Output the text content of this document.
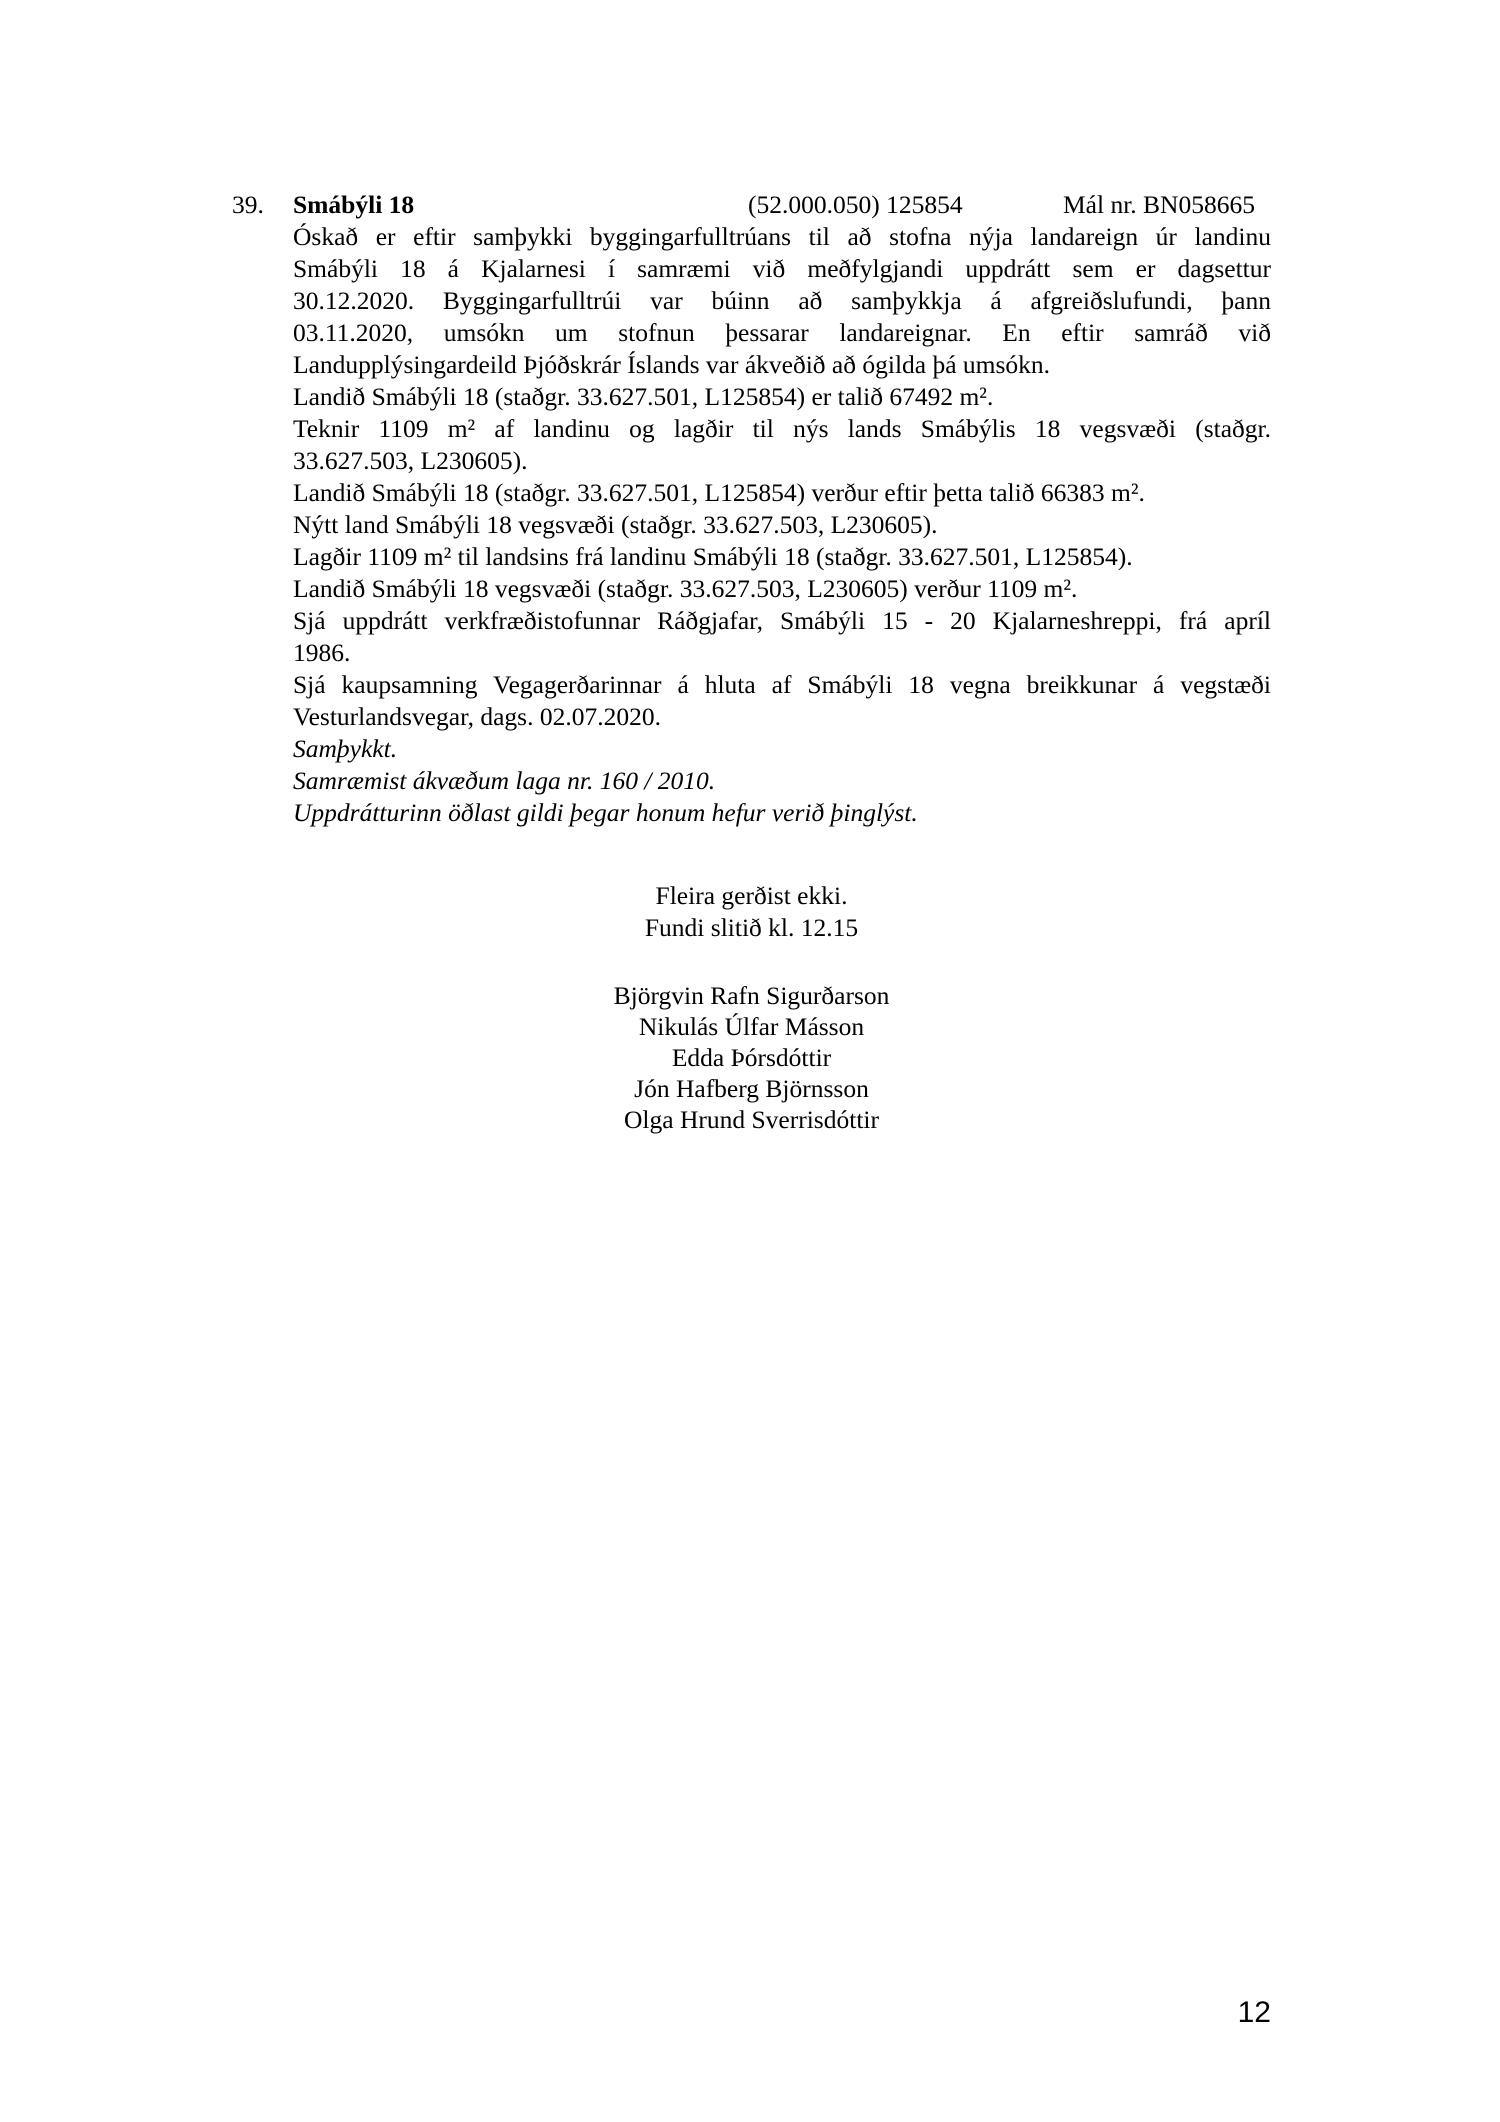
39. Smábýli 18	(52.000.050) 125854	Mál nr. BN058665

Óskað er eftir samþykki byggingarfulltrúans til að stofna nýja landareign úr landinu
Smábýli 18 á Kjalarnesi í samræmi við meðfylgjandi uppdrátt sem er dagsettur
30.12.2020. Byggingarfulltrúi var búinn að samþykkja á afgreiðslufundi, þann
03.11.2020, umsókn um stofnun þessarar landareignar. En eftir samráð við
Landupplýsingardeild Þjóðskrár Íslands var ákveðið að ógilda þá umsókn.

Landið Smábýli 18 (staðgr. 33.627.501, L125854) er talið 67492 m².

Teknir 1109 m² af landinu og lagðir til nýs lands Smábýlis 18 vegsvæði (staðgr.
33.627.503, L230605).

Landið Smábýli 18 (staðgr. 33.627.501, L125854) verður eftir þetta talið 66383 m².

Nýtt land Smábýli 18 vegsvæði (staðgr. 33.627.503, L230605).

Lagðir 1109 m² til landsins frá landinu Smábýli 18 (staðgr. 33.627.501, L125854).

Landið Smábýli 18 vegsvæði (staðgr. 33.627.503, L230605) verður 1109 m².

Sjá uppdrátt verkfræðistofunnar Ráðgjafar, Smábýli 15 - 20 Kjalarneshreppi, frá apríl
1986.

Sjá kaupsamning Vegagerðarinnar á hluta af Smábýli 18 vegna breikkunar á vegstæði
Vesturlandsvegar, dags. 02.07.2020.

Samþykkt.
Samræmist ákvæðum laga nr. 160 / 2010.
Uppdrátturinn öðlast gildi þegar honum hefur verið þinglýst.

Fleira gerðist ekki.
Fundi slitið kl. 12.15
Björgvin Rafn Sigurðarson
Nikulás Úlfar Másson
Edda Þórsdóttir
Jón Hafberg Björnsson
Olga Hrund Sverrisdóttir
12
